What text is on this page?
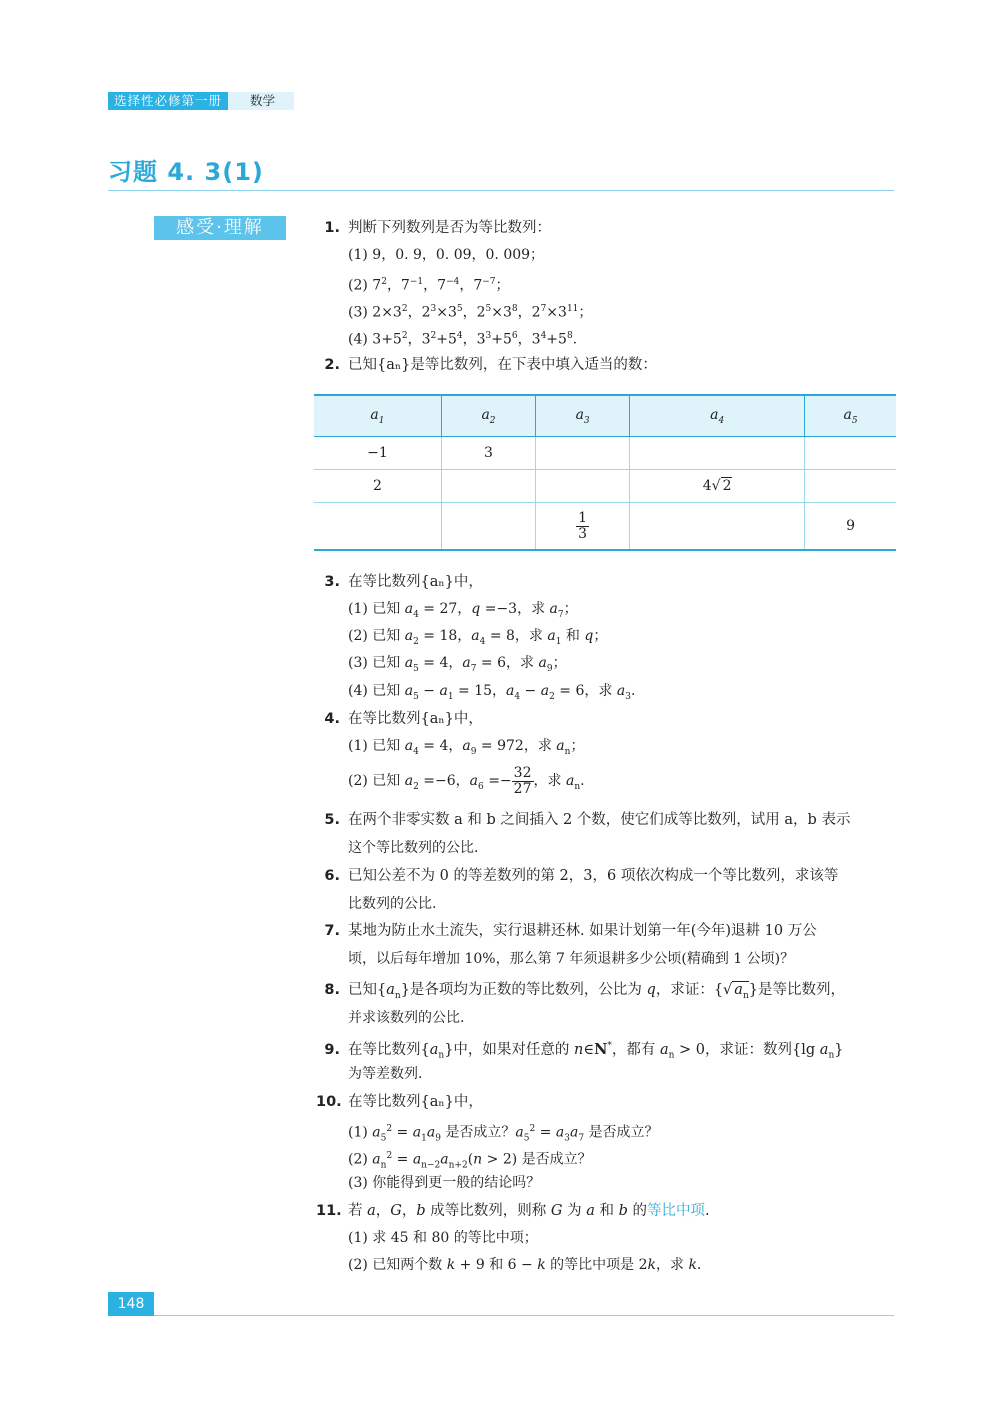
选择性必修第一册	数学
习题 4. 3(1)
感受·理解	1. 判断下列数列是否为等比数列：
(1) 9，0. 9，0. 09，0. 009；
(2) $7^2$，$7^{-1}$，$7^{-4}$，$7^{-7}$；
(3) $2\times 3^2$，$2^3\times 3^5$，$2^5\times 3^8$，$2^7\times 3^{11}$；
(4) $3+5^2$，$3^2+5^4$，$3^3+5^6$，$3^4+5^8$.
2. 已知{aₙ}是等比数列，在下表中填入适当的数：
$a_1$	$a_2$	$a_3$	$a_4$	$a_5$
−1	3			
2			4√ 2	

		$\frac{1}{3}$		9
3. 在等比数列{aₙ}中，
(1) 已知 $a_4 = 27$，q =−3，求 $a_7$；
(2) 已知 $a_2 = 18$，$a_4 = 8$，求 $a_1$ 和 q；
(3) 已知 $a_5 = 4$，$a_7 = 6$，求 $a_9$；
(4) 已知 $a_5 - a_1 = 15$，$a_4 - a_2 = 6$，求 $a_3$.
4. 在等比数列{aₙ}中，
(1) 已知 $a_4 = 4$，$a_9 = 972$，求 $a_n$；
(2) 已知 $a_2 =-6$，$a_6 =- \frac{32}{27}$ ，求 $a_n$.
5. 在两个非零实数 a 和 b 之间插入 2 个数，使它们成等比数列，试用 a，b 表示
这个等比数列的公比.
6. 已知公差不为 0 的等差数列的第 2，3，6 项依次构成一个等比数列，求该等
比数列的公比.
7. 某地为防止水土流失，实行退耕还林. 如果计划第一年(今年)退耕 10 万公
顷，以后每年增加 10%，那么第 7 年须退耕多少公顷(精确到 1 公顷)？
8. 已知$\{a_n\}$是各项均为正数的等比数列，公比为 q，求证：{√ $a_n$}是等比数列，
并求该数列的公比.
9. 在等比数列$\{a_n\}$中，如果对任意的 n∈N*，都有 $a_n > 0$，求证：数列{lg $a_n$}
为等差数列.
10. 在等比数列{aₙ}中，
(1) $a_5^2 = a_1a_9$ 是否成立？$a_5^2 = a_3a_7$ 是否成立？
(2) $a_n^2 = a_{n-2}a_{n+2}(n > 2)$ 是否成立？
(3) 你能得到更一般的结论吗？
11. 若 a，G，b 成等比数列，则称 G 为 a 和 b 的等比中项.
(1) 求 45 和 80 的等比中项；
(2) 已知两个数 k + 9 和 6 − k 的等比中项是 2k，求 k.
148
